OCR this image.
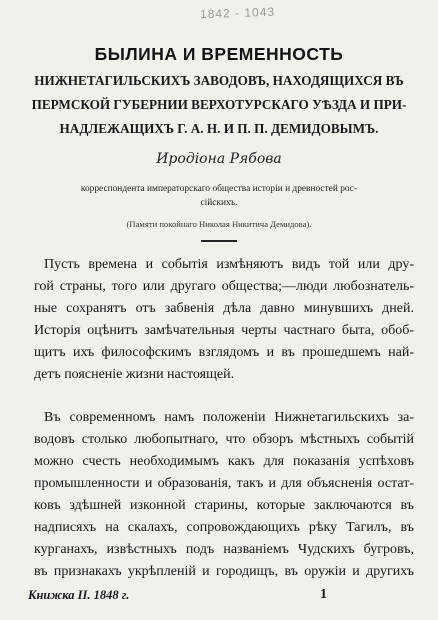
1842 - 1043
БЫЛИНА И ВРЕМЕННОСТЬ
НИЖНЕТАГИЛЬСКИХЪ ЗАВОДОВЪ, НАХОДЯЩИХСЯ ВЪ
ПЕРМСКОЙ ГУБЕРНИИ ВЕРХОТУРСКАГО УѢЗДА И ПРИ-
НАДЛЕЖАЩИХЪ Г. А. Н. И П. П. ДЕМИДОВЫМЪ.
Иродiона Рябова
корреспондента императорскаго общества исторiи и древностей рос-
сiйскихъ.
(Памяти покойнаго Николая Никитича Демидова).
Пусть времена и событiя измѣняютъ видъ той или дру-
гой страны, того или другаго общества;—люди любознатель-
ные сохранятъ отъ забвенiя дѣла давно минувшихъ дней.
Исторiя оцѣнитъ замѣчательныя черты частнаго быта, обоб-
щитъ ихъ философскимъ взглядомъ и въ прошедшемъ най-
детъ поясненiе жизни настоящей.
Въ современномъ намъ положенiи Нижнетагильскихъ за-
водовъ столько любопытнаго, что обзоръ мѣстныхъ событiй
можно счесть необходимымъ какъ для показанiя успѣховъ
промышленности и образованiя, такъ и для объясненiя остат-
ковъ здѣшней изконной старины, которые заключаются въ
надписяхъ на скалахъ, сопровождающихъ рѣку Тагилъ, въ
курганахъ, извѣстныхъ подъ названiемъ Чудскихъ бугровъ,
въ признакахъ укрѣпленiй и городищъ, въ оружiи и другихъ
Книжка II. 1848 г.	1
